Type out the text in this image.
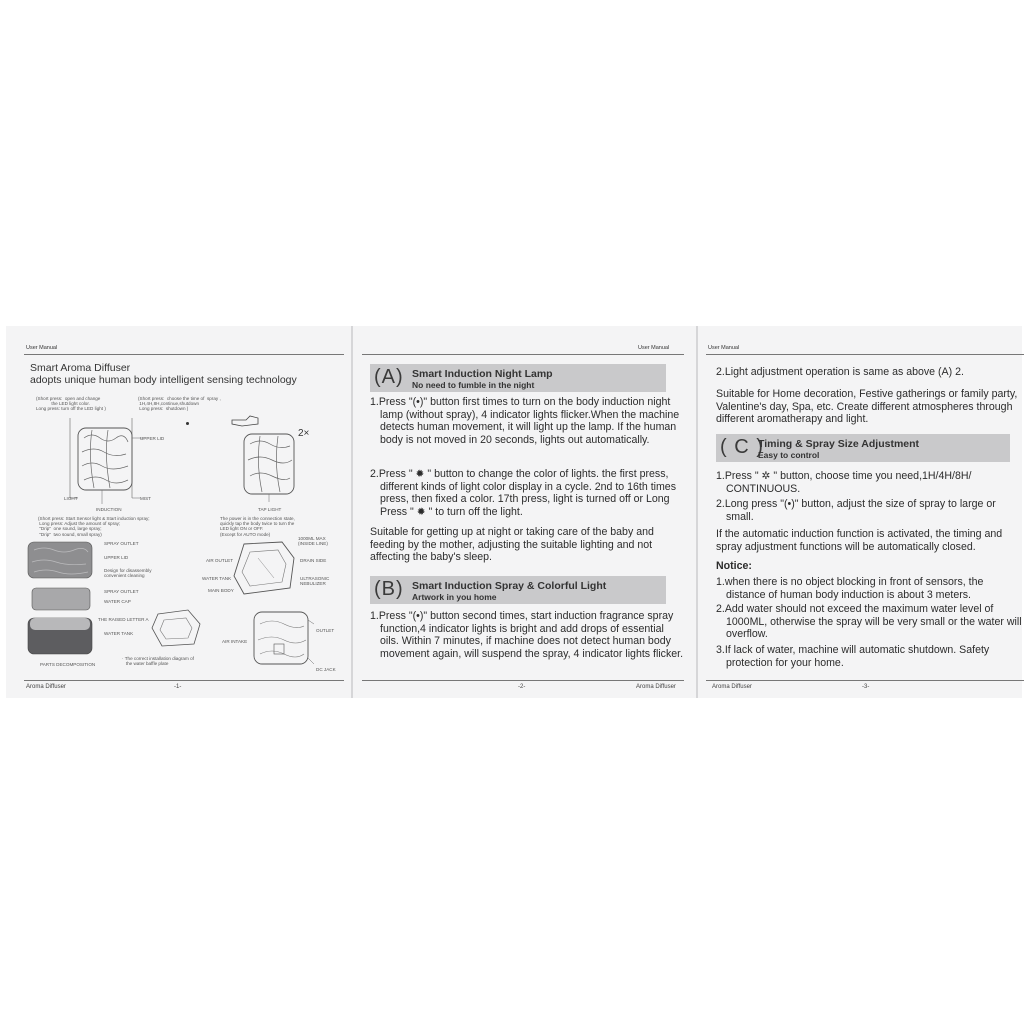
User Manual
Smart Aroma Diffuser
adopts unique human body intelligent sensing technology
(Short press:  open and change
the LED light color.
Long press: turn off the LED light )
(Short press:  choose the time of  spray ,
1H,4H,8H,continue,shutdown
Long press:  shutdown )
UPPER LID
LIGHT	MIST
INDUCTION
2×
TAP LIGHT
(Short press: Start Sensor light & Start induction spray;
Long press: Adjust the amount of spray;
"Drip"  one sound, large spray;
"Drip"  two sound, small spray)
The power is in the connection state,
quickly tap the body twice to turn the
LED light ON or OFF.
(Except for AUTO mode)
SPRAY OUTLET
UPPER LID
Design for disassembly
convenient cleaning
SPRAY OUTLET
WATER CAP
THE RAISED LETTER A
WATER TANK
PARTS DECOMPOSITION
· The correct installation diagram of
the water baffle plate
1000ML MAX
(INSIDE LINE)
DRAIN SIDE
AIR OUTLET
WATER TANK	ULTRASONIC
NEBULIZER
MAIN BODY
OUTLET
AIR INTAKE
DC JACK
Aroma Diffuser	-1-
User Manual
(A) Smart Induction Night Lamp
No need to fumble in the night
1.Press "(•)" button first times to turn on the body induction night lamp (without spray), 4 indicator lights flicker.When the machine detects human movement, it will light up the lamp. If the human body is not moved in 20 seconds, lights out automatically.
2.Press " ✹ " button to change the color of lights. the first press, different kinds of light color display in a cycle. 2nd to 16th times press, then fixed a color. 17th press, light is turned off or Long Press " ✹ " to turn off the light.
Suitable for getting up at night or taking care of the baby and feeding by the mother, adjusting the suitable lighting and not affecting the baby's sleep.
(B) Smart Induction Spray & Colorful Light
Artwork in you home
1.Press "(•)" button second times, start induction fragrance spray function,4 indicator lights is bright and add drops of essential oils. Within 7 minutes, if machine does not detect human body movement again, will suspend the spray, 4 indicator lights flicker.
-2-	Aroma Diffuser
User Manual
2.Light adjustment operation is same as above (A) 2.
Suitable for Home decoration, Festive gatherings or family party, Valentine's day, Spa, etc. Create different atmospheres through different aromatherapy and light.
( C )
Timing & Spray Size Adjustment
Easy to control
1.Press " ✲ " button, choose time you need,1H/4H/8H/ CONTINUOUS.
2.Long press "(•)" button, adjust the size of spray to large or small.
If the automatic induction function is activated, the timing and spray adjustment functions will be automatically closed.
Notice:
1.when there is no object blocking in front of sensors, the distance of human body induction is about 3 meters.
2.Add water should not exceed the maximum water level of 1000ML, otherwise the spray will be very small or the water will overflow.
3.If lack of water, machine will automatic shutdown. Safety protection for your home.
Aroma Diffuser	-3-
